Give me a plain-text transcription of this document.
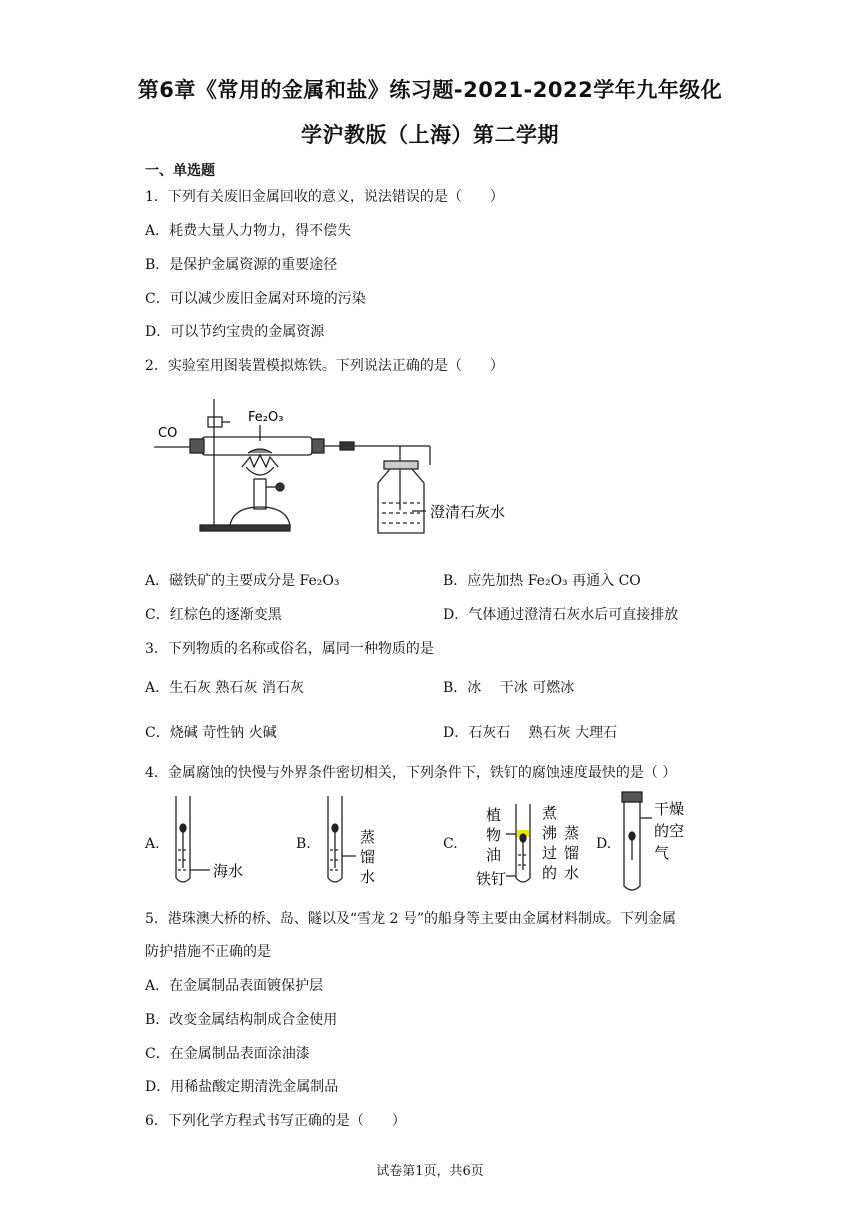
第6章《常用的金属和盐》练习题-2021-2022学年九年级化
学沪教版（上海）第二学期
一、单选题
1．下列有关废旧金属回收的意义，说法错误的是（　　）
A．耗费大量人力物力，得不偿失
B．是保护金属资源的重要途径
C．可以减少废旧金属对环境的污染
D．可以节约宝贵的金属资源
2．实验室用图装置模拟炼铁。下列说法正确的是（　　）
CO
Fe₂O₃
澄清石灰水
A．磁铁矿的主要成分是 Fe₂O₃	B．应先加热 Fe₂O₃ 再通入 CO
C．红棕色的逐渐变黑	D．气体通过澄清石灰水后可直接排放
3．下列物质的名称或俗名，属同一种物质的是
A．生石灰 熟石灰 消石灰	B．冰　 干冰 可燃冰
C．烧碱 苛性钠 火碱	D．石灰石　 熟石灰 大理石
4．金属腐蚀的快慢与外界条件密切相关，下列条件下，铁钉的腐蚀速度最快的是（ ）
A.
海水
B.	蒸
馏
水
C.
植
物
油
铁钉
煮
沸
过
的
蒸
馏
水
D.
干燥
的空
气
5．港珠澳大桥的桥、岛、隧以及“雪龙 2 号”的船身等主要由金属材料制成。下列金属
防护措施不正确的是
A．在金属制品表面镀保护层
B．改变金属结构制成合金使用
C．在金属制品表面涂油漆
D．用稀盐酸定期清洗金属制品
6．下列化学方程式书写正确的是（　　）
试卷第1页，共6页
